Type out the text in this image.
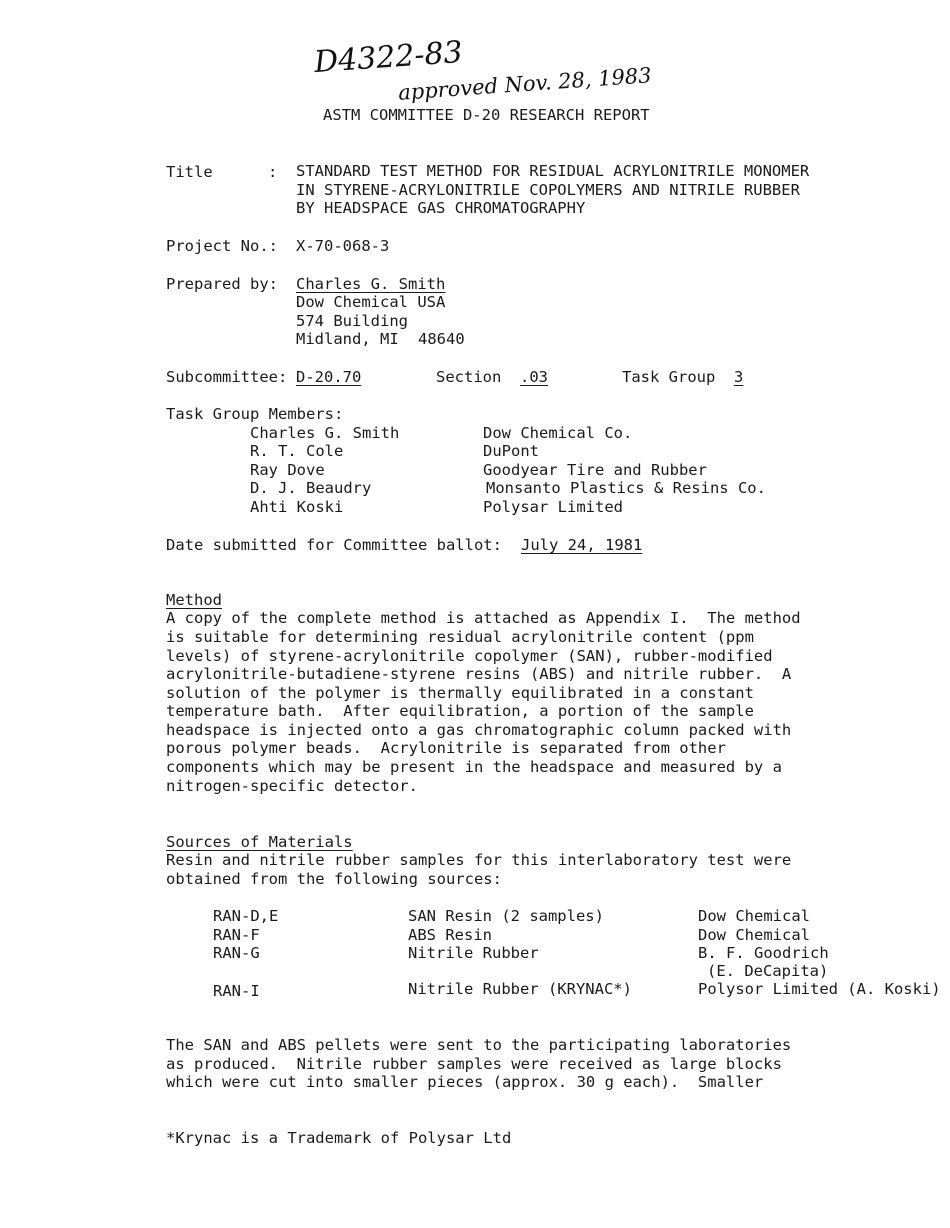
D4322-83
approved Nov. 28, 1983
ASTM COMMITTEE D-20 RESEARCH REPORT
Title	: STANDARD TEST METHOD FOR RESIDUAL ACRYLONITRILE MONOMER
IN STYRENE-ACRYLONITRILE COPOLYMERS AND NITRILE RUBBER
BY HEADSPACE GAS CHROMATOGRAPHY
Project No.: X-70-068-3
Prepared by: Charles G. Smith
Dow Chemical USA
574 Building
Midland, MI 48640
Subcommittee: D-20.70	Section .03	Task Group 3
Task Group Members:
Charles G. Smith	Dow Chemical Co.
R. T. Cole	DuPont
Ray Dove	Goodyear Tire and Rubber
D. J. Beaudry	Monsanto Plastics & Resins Co.
Ahti Koski	Polysar Limited
Date submitted for Committee ballot: July 24, 1981
Method
A copy of the complete method is attached as Appendix I.  The method
is suitable for determining residual acrylonitrile content (ppm
levels) of styrene-acrylonitrile copolymer (SAN), rubber-modified
acrylonitrile-butadiene-styrene resins (ABS) and nitrile rubber.  A
solution of the polymer is thermally equilibrated in a constant
temperature bath.  After equilibration, a portion of the sample
headspace is injected onto a gas chromatographic column packed with
porous polymer beads.  Acrylonitrile is separated from other
components which may be present in the headspace and measured by a
nitrogen-specific detector.
Sources of Materials
Resin and nitrile rubber samples for this interlaboratory test were
obtained from the following sources:
RAN-D,E	SAN Resin (2 samples)	Dow Chemical
RAN-F	ABS Resin	Dow Chemical
RAN-G	Nitrile Rubber	B. F. Goodrich
(E. DeCapita)
RAN-I	Nitrile Rubber (KRYNAC*)	Polysor Limited (A. Koski)
The SAN and ABS pellets were sent to the participating laboratories
as produced.  Nitrile rubber samples were received as large blocks
which were cut into smaller pieces (approx. 30 g each).  Smaller
*Krynac is a Trademark of Polysar Ltd
